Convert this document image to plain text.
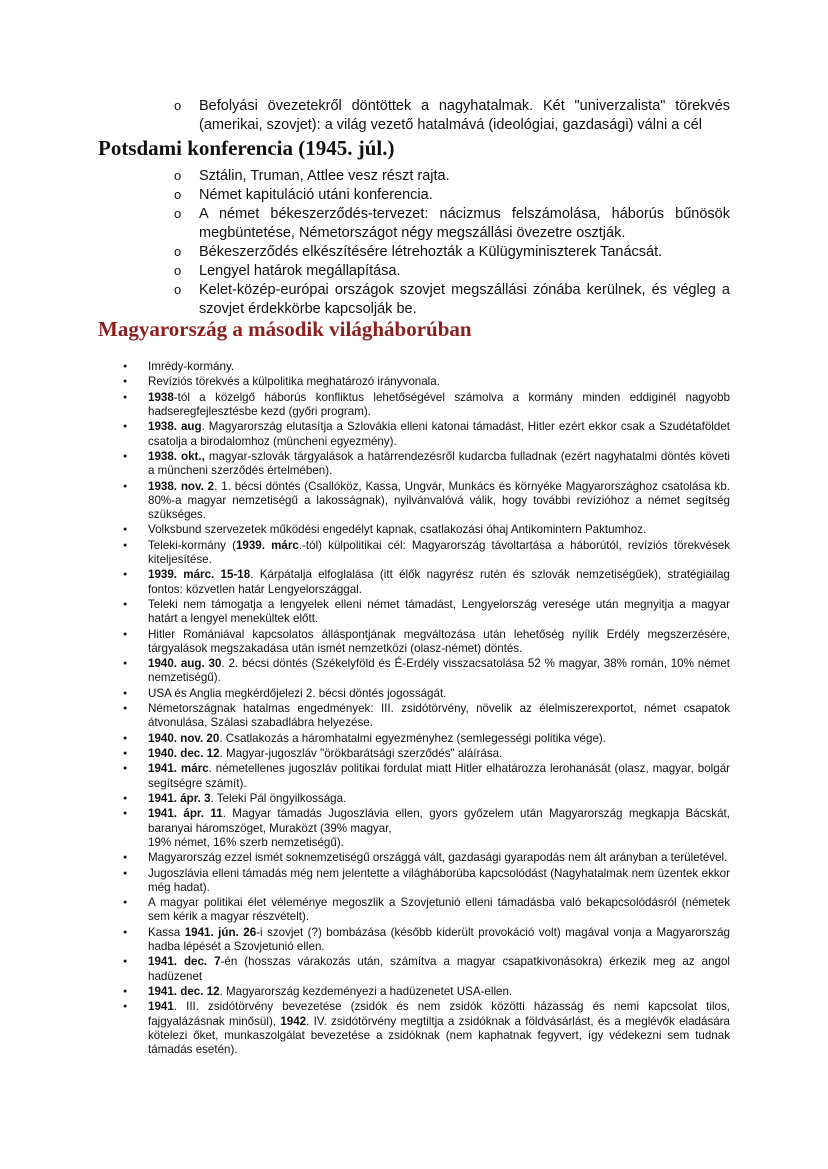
o Befolyási övezetekről döntöttek a nagyhatalmak. Két "univerzalista" törekvés (amerikai, szovjet): a világ vezető hatalmává (ideológiai, gazdasági) válni a cél
Potsdami konferencia (1945. júl.)
o Sztálin, Truman, Attlee vesz részt rajta.
o Német kapituláció utáni konferencia.
o A német békeszerződés-tervezet: nácizmus felszámolása, háborús bűnösök megbüntetése, Németországot négy megszállási övezetre osztják.
o Békeszerződés elkészítésére létrehozták a Külügyminiszterek Tanácsát.
o Lengyel határok megállapítása.
o Kelet-közép-európai országok szovjet megszállási zónába kerülnek, és végleg a szovjet érdekkörbe kapcsolják be.
Magyarország a második világháborúban
● Imrédy-kormány.
● Revíziós törekvés a külpolitika meghatározó irányvonala.
● 1938-tól a közelgő háborús konfliktus lehetőségével számolva a kormány minden eddiginél nagyobb hadseregfejlesztésbe kezd (győri program).
● 1938. aug. Magyarország elutasítja a Szlovákia elleni katonai támadást, Hitler ezért ekkor csak a Szudétaföldet csatolja a birodalomhoz (müncheni egyezmény).
● 1938. okt., magyar-szlovák tárgyalások a határrendezésről kudarcba fulladnak (ezért nagyhatalmi döntés követi a müncheni szerződés értelmében).
● 1938. nov. 2. 1. bécsi döntés (Csallóköz, Kassa, Ungvár, Munkács és környéke Magyarországhoz csatolása kb. 80%-a magyar nemzetiségű a lakosságnak), nyilvánvalóvá válik, hogy további revízióhoz a német segítség szükséges.
● Volksbund szervezetek működési engedélyt kapnak, csatlakozási óhaj Antikomintern Paktumhoz.
● Teleki-kormány (1939. márc.-tól) külpolitikai cél: Magyarország távoltartása a háborútól, revíziós törekvések kiteljesítése.
● 1939. márc. 15-18. Kárpátalja elfoglalása (itt élők nagyrész rutén és szlovák nemzetiségűek), stratégiailag fontos: közvetlen határ Lengyelországgal.
● Teleki nem támogatja a lengyelek elleni német támadást, Lengyelország veresége után megnyitja a magyar határt a lengyel menekültek előtt.
● Hitler Romániával kapcsolatos álláspontjának megváltozása után lehetőség nyílik Erdély megszerzésére, tárgyalások megszakadása után ismét nemzetközi (olasz-német) döntés.
● 1940. aug. 30. 2. bécsi döntés (Székelyföld és É-Erdély visszacsatolása 52 % magyar, 38% román, 10% német nemzetiségű).
● USA és Anglia megkérdőjelezi 2. bécsi döntés jogosságát.
● Németországnak hatalmas engedmények: III. zsidótörvény, növelik az élelmiszerexportot, német csapatok átvonulása, Szálasi szabadlábra helyezése.
● 1940. nov. 20. Csatlakozás a háromhatalmi egyezményhez (semlegességi politika vége).
● 1940. dec. 12. Magyar-jugoszláv "örökbarátsági szerződés" aláírása.
● 1941. márc. németellenes jugoszláv politikai fordulat miatt Hitler elhatározza lerohanását (olasz, magyar, bolgár segítségre számít).
● 1941. ápr. 3. Teleki Pál öngyilkossága.
● 1941. ápr. 11. Magyar támadás Jugoszlávia ellen, gyors győzelem után Magyarország megkapja Bácskát, baranyai háromszöget, Muraközt (39% magyar,
19% német, 16% szerb nemzetiségű).
● Magyarország ezzel ismét soknemzetiségű országgá vált, gazdasági gyarapodás nem ált arányban a területével.
● Jugoszlávia elleni támadás még nem jelentette a világháborúba kapcsolódást (Nagyhatalmak nem üzentek ekkor még hadat).
● A magyar politikai élet véleménye megoszlik a Szovjetunió elleni támadásba való bekapcsolódásról (németek sem kérik a magyar részvételt).
● Kassa 1941. jún. 26-i szovjet (?) bombázása (később kiderült provokáció volt) magával vonja a Magyarország hadba lépését a Szovjetunió ellen.
● 1941. dec. 7-én (hosszas várakozás után, számítva a magyar csapatkivonásokra) érkezik meg az angol hadüzenet
● 1941. dec. 12. Magyarország kezdeményezi a hadüzenetet USA-ellen.
● 1941. III. zsidótörvény bevezetése (zsidók és nem zsidók közötti házasság és nemi kapcsolat tilos, fajgyalázásnak minősül), 1942. IV. zsidótörvény megtiltja a zsidóknak a földvásárlást, és a meglévők eladására kötelezi őket, munkaszolgálat bevezetése a zsidóknak (nem kaphatnak fegyvert, így védekezni sem tudnak támadás esetén).
